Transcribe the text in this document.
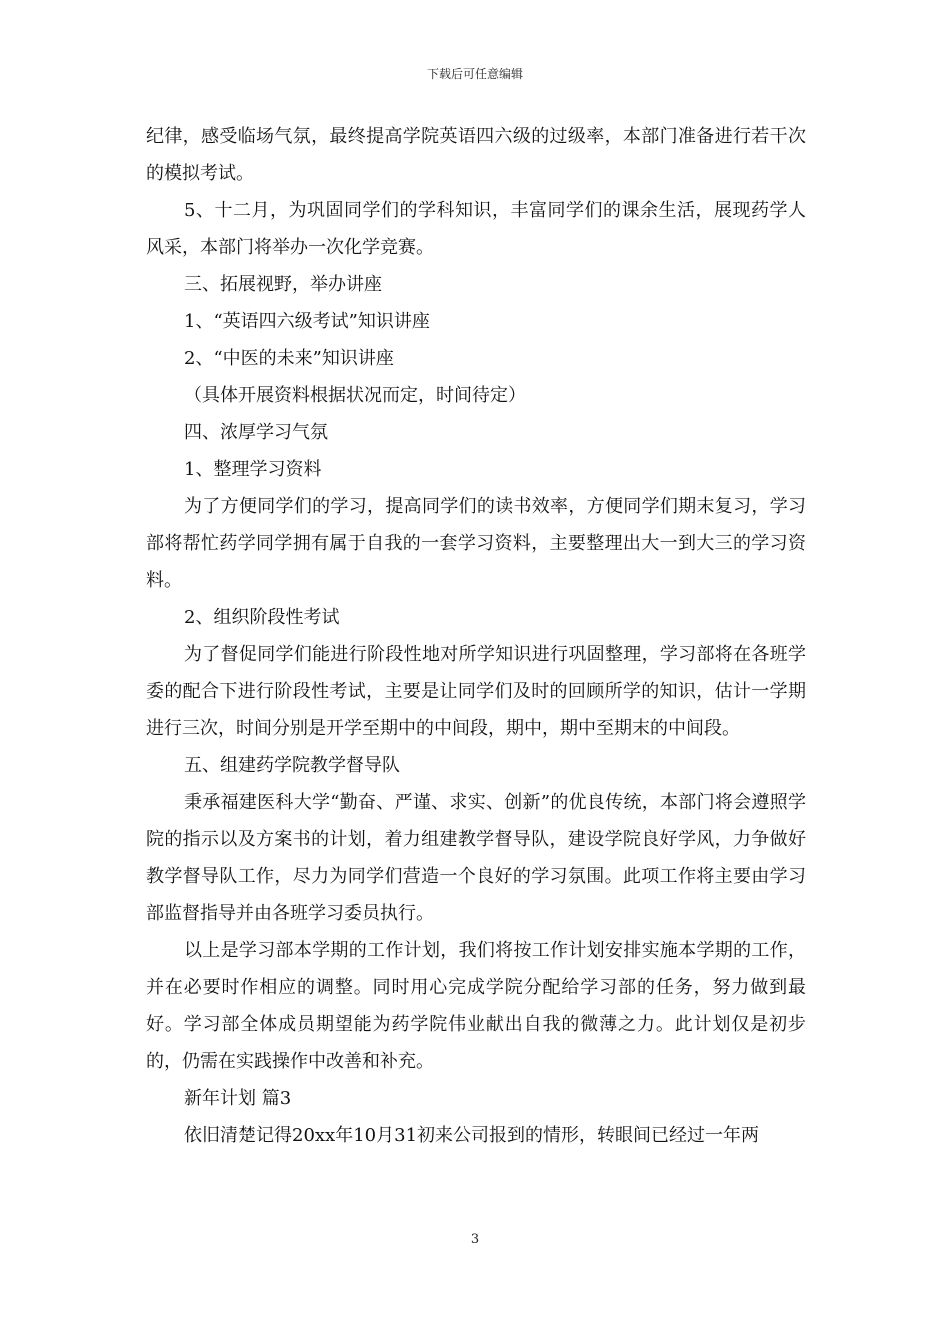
下载后可任意编辑

纪律，感受临场气氛，最终提高学院英语四六级的过级率，本部门准备进行若干次的模拟考试。

5、十二月，为巩固同学们的学科知识，丰富同学们的课余生活，展现药学人风采，本部门将举办一次化学竞赛。

三、拓展视野，举办讲座

1、“英语四六级考试”知识讲座

2、“中医的未来”知识讲座

（具体开展资料根据状况而定，时间待定）

四、浓厚学习气氛

1、整理学习资料

为了方便同学们的学习，提高同学们的读书效率，方便同学们期末复习，学习部将帮忙药学同学拥有属于自我的一套学习资料，主要整理出大一到大三的学习资料。

2、组织阶段性考试

为了督促同学们能进行阶段性地对所学知识进行巩固整理，学习部将在各班学委的配合下进行阶段性考试，主要是让同学们及时的回顾所学的知识，估计一学期进行三次，时间分别是开学至期中的中间段，期中，期中至期末的中间段。

五、组建药学院教学督导队

秉承福建医科大学“勤奋、严谨、求实、创新”的优良传统，本部门将会遵照学院的指示以及方案书的计划，着力组建教学督导队，建设学院良好学风，力争做好教学督导队工作，尽力为同学们营造一个良好的学习氛围。此项工作将主要由学习部监督指导并由各班学习委员执行。

以上是学习部本学期的工作计划，我们将按工作计划安排实施本学期的工作，并在必要时作相应的调整。同时用心完成学院分配给学习部的任务，努力做到最好。学习部全体成员期望能为药学院伟业献出自我的微薄之力。此计划仅是初步的，仍需在实践操作中改善和补充。

新年计划 篇3

依旧清楚记得20xx年10月31初来公司报到的情形，转眼间已经过一年两

3
